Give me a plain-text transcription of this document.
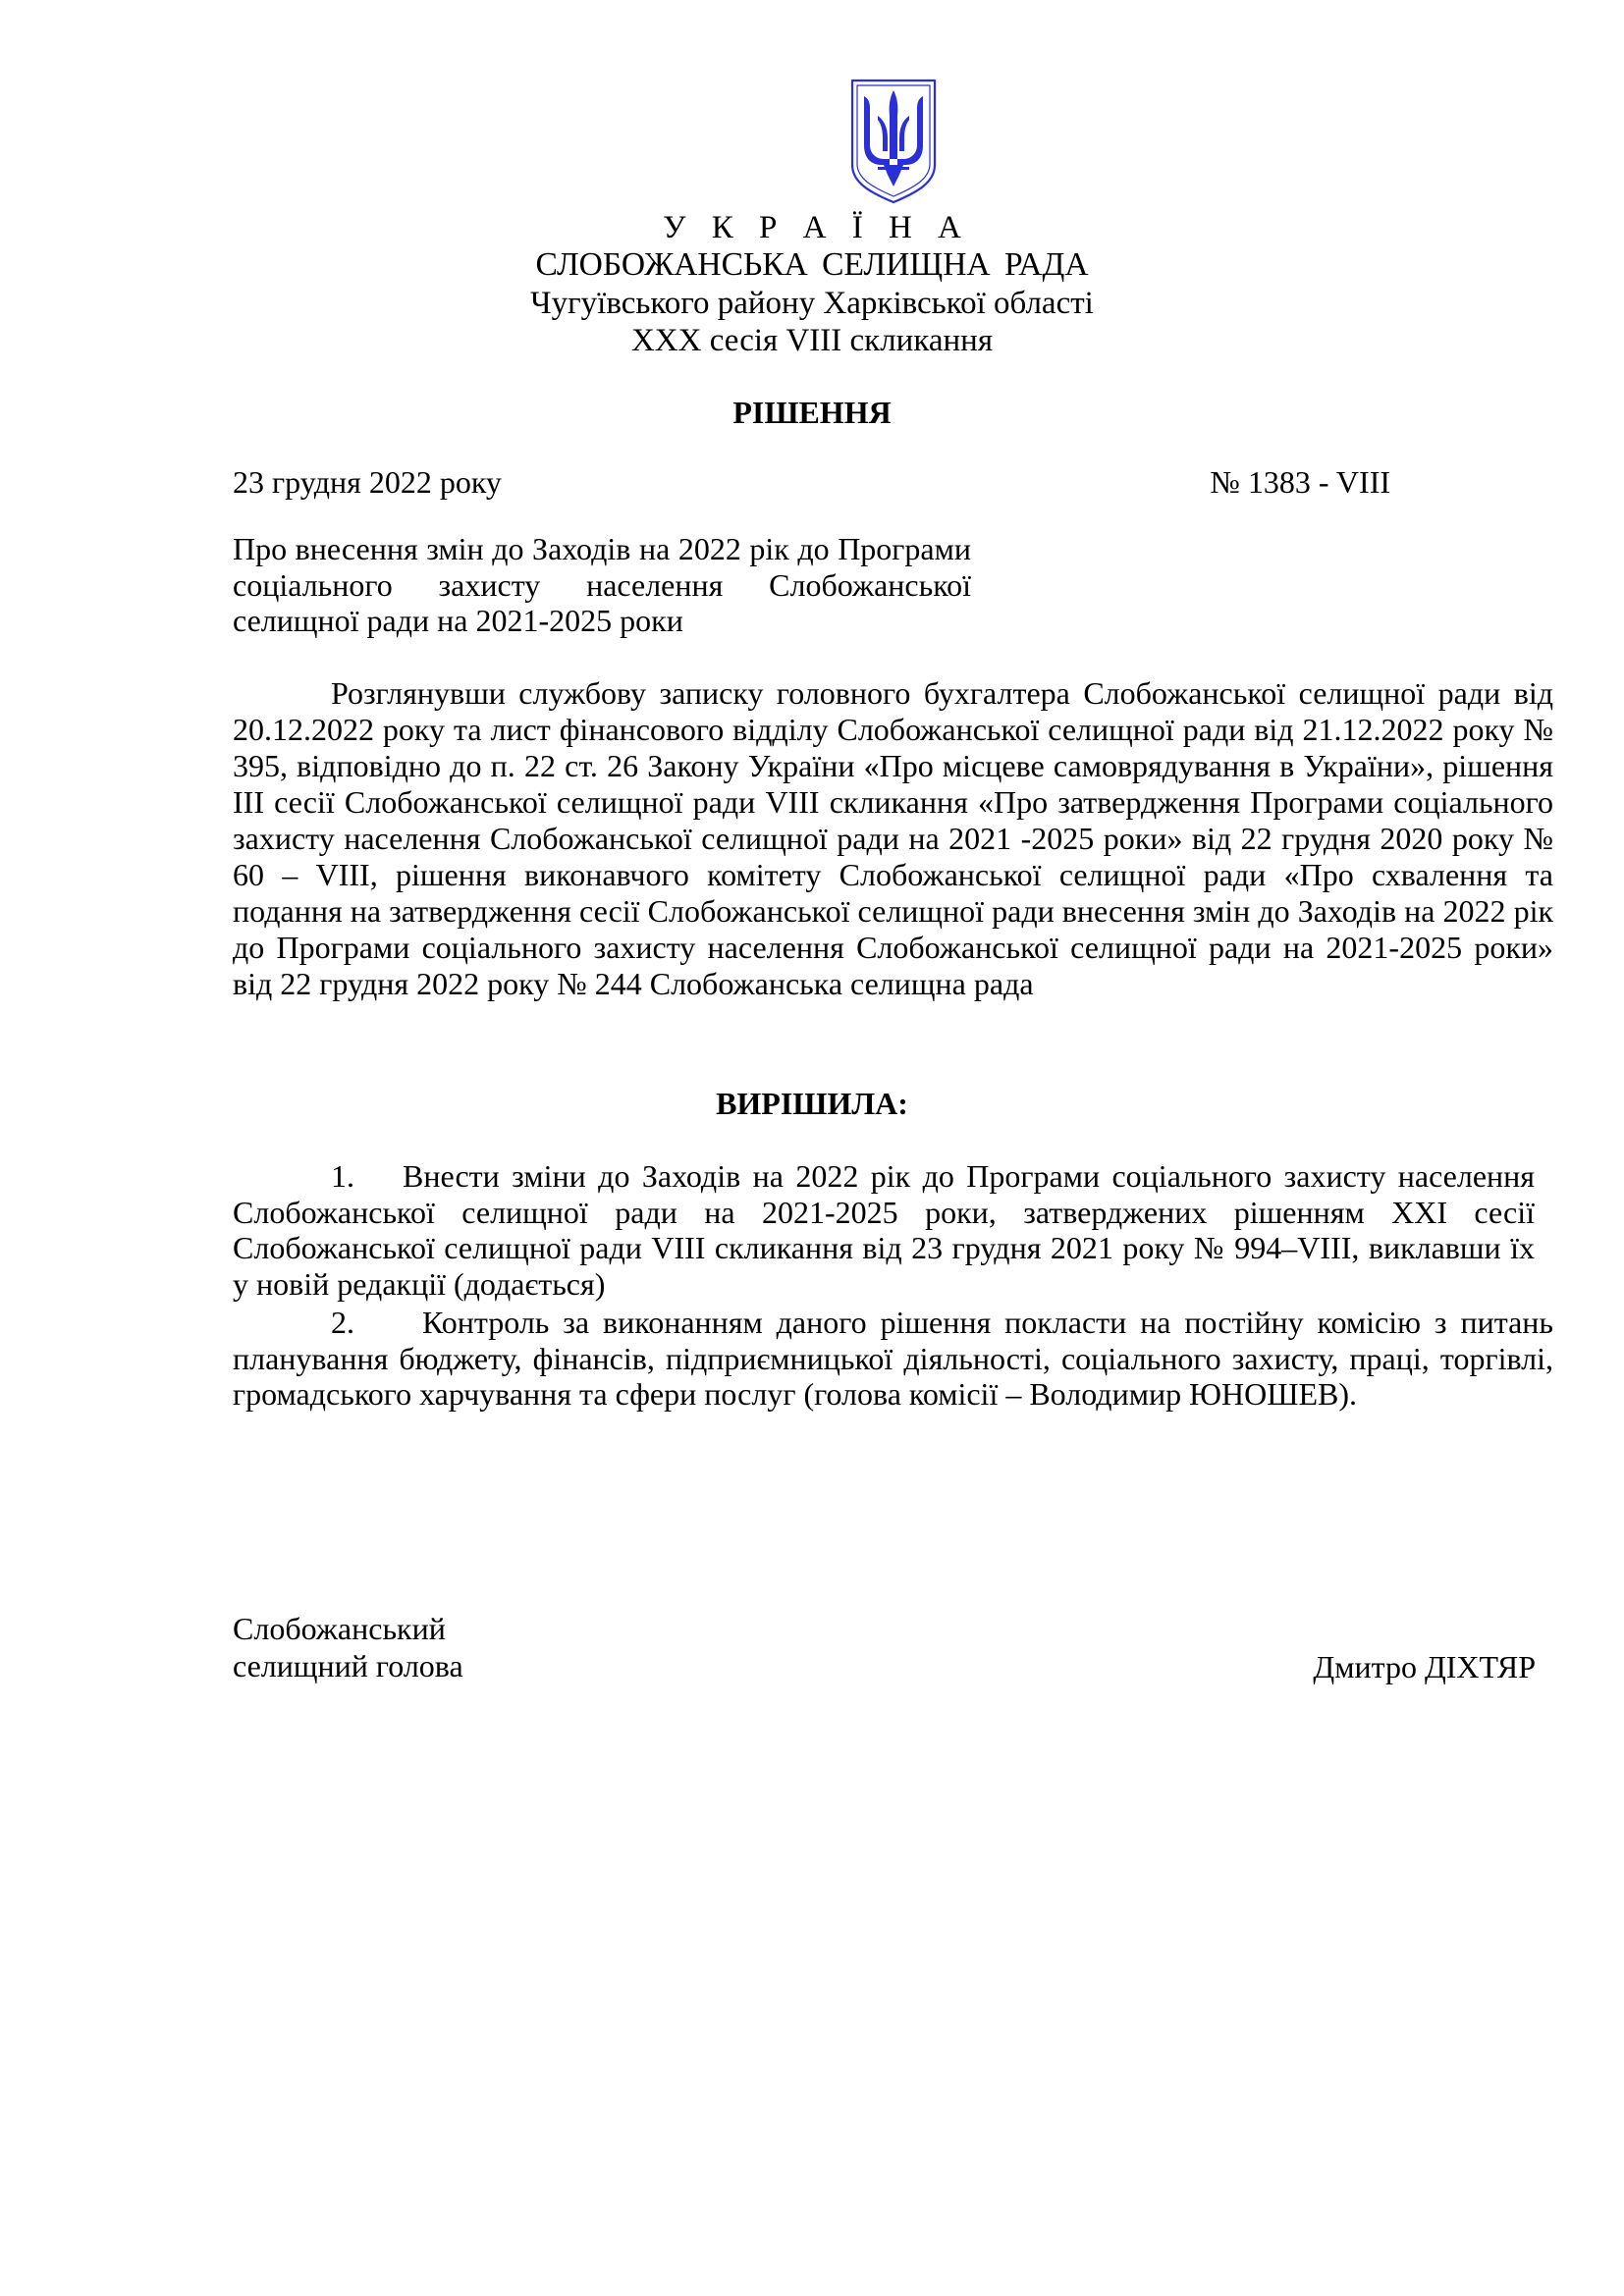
У К Р А Ї Н А
СЛОБОЖАНСЬКА СЕЛИЩНА РАДА
Чугуївського району Харківської області
ХХХ сесія VІІІ скликання
РІШЕННЯ
23 грудня 2022 року	№ 1383 - VІІІ
Про внесення змін до Заходів на 2022 рік до Програми соціального захисту населення Слобожанської селищної ради на 2021-2025 роки
Розглянувши службову записку головного бухгалтера Слобожанської селищної ради від 20.12.2022 року та лист фінансового відділу Слобожанської селищної ради від 21.12.2022 року № 395, відповідно до п. 22 ст. 26 Закону України «Про місцеве самоврядування в України», рішення ІІІ сесії Слобожанської селищної ради VIII скликання «Про затвердження Програми соціального захисту населення Слобожанської селищної ради на 2021 -2025 роки» від 22 грудня 2020 року № 60 – VIII, рішення виконавчого комітету Слобожанської селищної ради «Про схвалення та подання на затвердження сесії Слобожанської селищної ради внесення змін до Заходів на 2022 рік до Програми соціального захисту населення Слобожанської селищної ради на 2021-2025 роки» від 22 грудня 2022 року № 244 Слобожанська селищна рада
ВИРІШИЛА:
1. Внести зміни до Заходів на 2022 рік до Програми соціального захисту населення Слобожанської селищної ради на 2021-2025 роки, затверджених рішенням ХХІ сесії Слобожанської селищної ради VІІІ скликання від 23 грудня 2021 року № 994–VІІІ, виклавши їх у новій редакції (додається)
2. Контроль за виконанням даного рішення покласти на постійну комісію з питань планування бюджету, фінансів, підприємницької діяльності, соціального захисту, праці, торгівлі, громадського харчування та сфери послуг (голова комісії – Володимир ЮНОШЕВ).
Слобожанський
селищний голова	Дмитро ДІХТЯР
